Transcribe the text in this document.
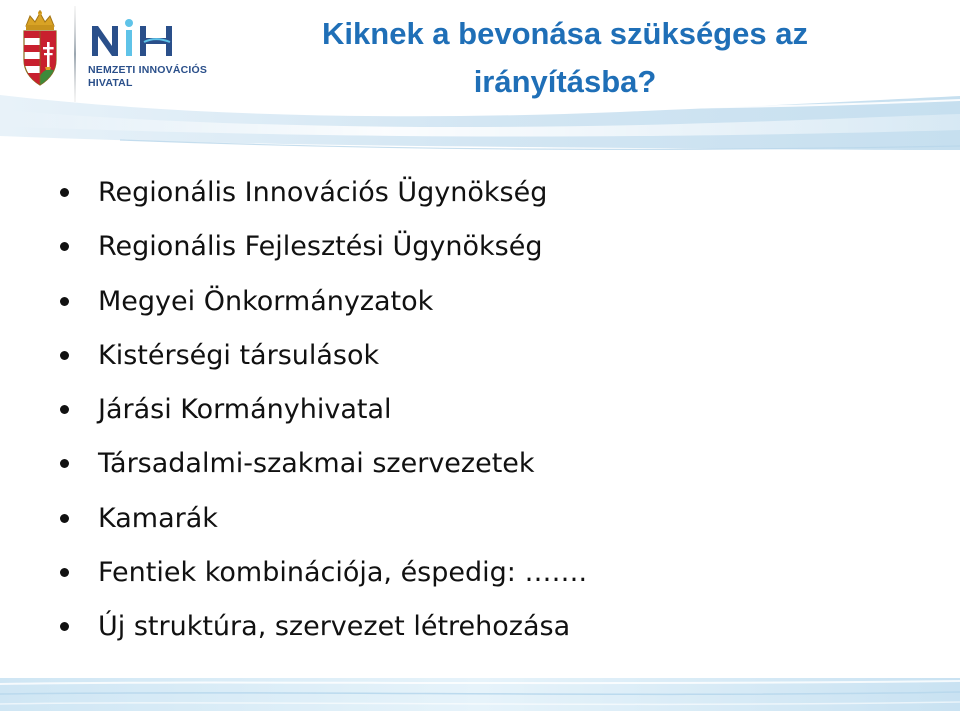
NEMZETI INNOVÁCIÓS
HIVATAL
Kiknek a bevonása szükséges az
irányításba?
Regionális Innovációs Ügynökség
Regionális Fejlesztési Ügynökség
Megyei Önkormányzatok
Kistérségi társulások
Járási Kormányhivatal
Társadalmi-szakmai szervezetek
Kamarák
Fentiek kombinációja, éspedig: …….
Új struktúra, szervezet létrehozása
